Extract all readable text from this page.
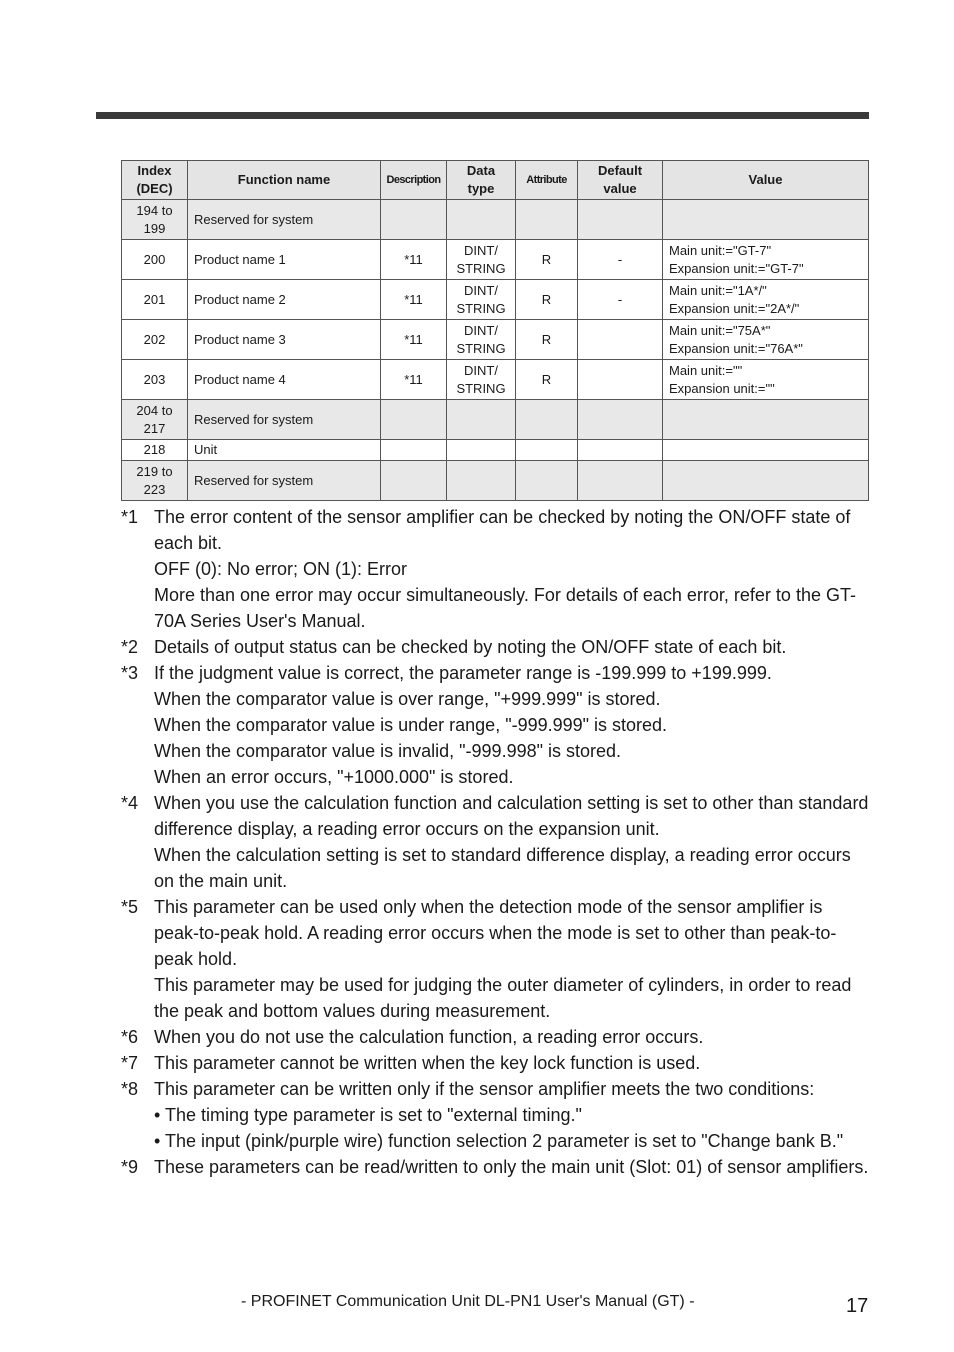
Index
(DEC)	Function name	Description	Data
type	Attribute	Default
value	Value
194 to
199	Reserved for system					
200	Product name 1	*11	DINT/
STRING	R	-	Main unit:="GT-7"
Expansion unit:="GT-7"
201	Product name 2	*11	DINT/
STRING	R	-	Main unit:="1A*/"
Expansion unit:="2A*/"
202	Product name 3	*11	DINT/
STRING	R		Main unit:="75A*"
Expansion unit:="76A*"
203	Product name 4	*11	DINT/
STRING	R		Main unit:=""
Expansion unit:=""
204 to
217	Reserved for system					
218	Unit					
219 to
223	Reserved for system					
*1 The error content of the sensor amplifier can be checked by noting the ON/OFF state of each bit.
OFF (0): No error; ON (1): Error
More than one error may occur simultaneously. For details of each error, refer to the GT-70A Series User's Manual.
*2 Details of output status can be checked by noting the ON/OFF state of each bit.
*3 If the judgment value is correct, the parameter range is -199.999 to +199.999.
When the comparator value is over range, "+999.999" is stored.
When the comparator value is under range, "-999.999" is stored.
When the comparator value is invalid, "-999.998" is stored.
When an error occurs, "+1000.000" is stored.
*4 When you use the calculation function and calculation setting is set to other than standard difference display, a reading error occurs on the expansion unit.
When the calculation setting is set to standard difference display, a reading error occurs on the main unit.
*5 This parameter can be used only when the detection mode of the sensor amplifier is peak-to-peak hold. A reading error occurs when the mode is set to other than peak-to-peak hold.
This parameter may be used for judging the outer diameter of cylinders, in order to read the peak and bottom values during measurement.
*6 When you do not use the calculation function, a reading error occurs.
*7 This parameter cannot be written when the key lock function is used.
*8 This parameter can be written only if the sensor amplifier meets the two conditions:
• The timing type parameter is set to "external timing."
• The input (pink/purple wire) function selection 2 parameter is set to "Change bank B."
*9 These parameters can be read/written to only the main unit (Slot: 01) of sensor amplifiers.
- PROFINET Communication Unit DL-PN1 User's Manual (GT) -	17
